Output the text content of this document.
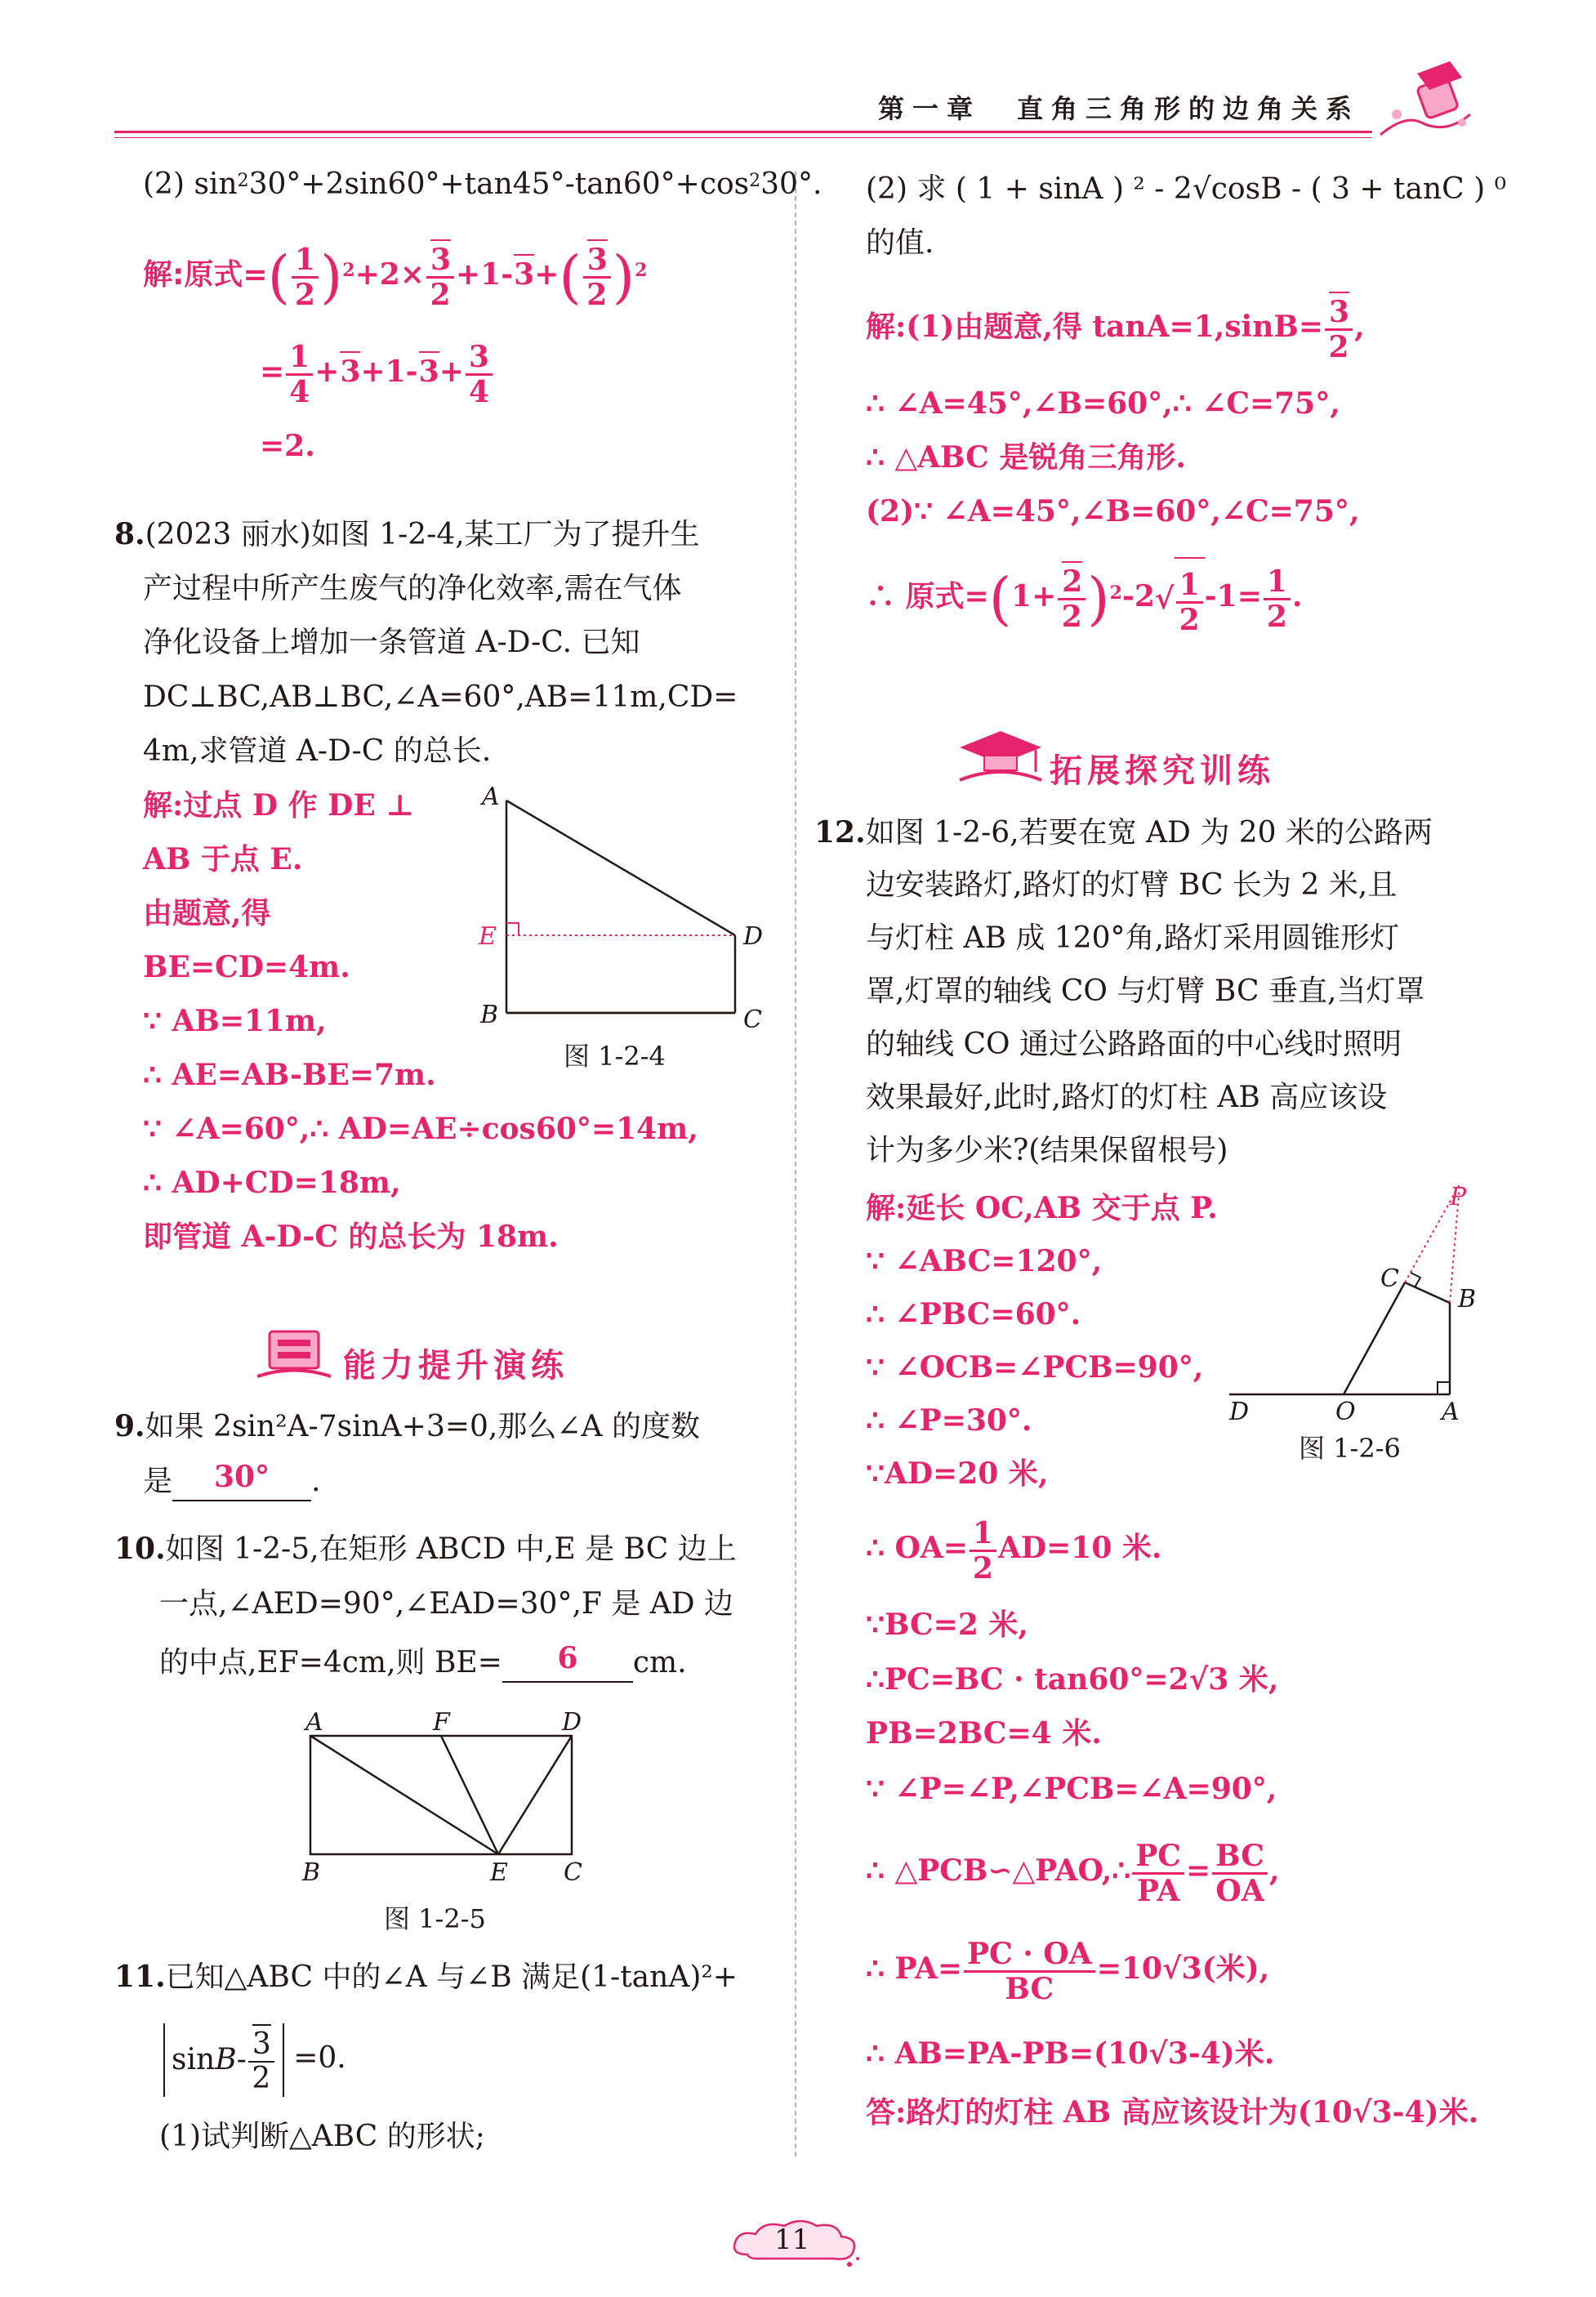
第一章 直角三角形的边角关系
(2) $\sin^230^\circ+2\sin 60^\circ+\tan 45^\circ-\tan 60^\circ+\cos^230^\circ$.
解:原式=( $\frac{1}{2} )^2+2\times \frac{3}{2} +1-3+( \frac{3}{2} )^2$
= $\frac{1}{4} +3+1-3+ \frac{3}{4}$
=2.
8.(2023 丽水)如图 1-2-4,某工厂为了提升生
产过程中所产生废气的净化效率,需在气体
净化设备上增加一条管道 A-D-C. 已知
DC⊥BC,AB⊥BC,∠A=60°,AB=11m,CD=
4m,求管道 A-D-C 的总长.
解:过点 D 作 DE ⊥
AB 于点 E.
由题意,得
BE=CD=4m.
∵ AB=11m,
∴ AE=AB-BE=7m.
∵ ∠A=60°,∴ AD=AE÷cos60°=14m,
∴ AD+CD=18m,
即管道 A-D-C 的总长为 18m.
A
E	D
B	C
图 1-2-4
能力提升演练
9.如果 2sin²A-7sinA+3=0,那么∠A 的度数
是	30°	.
10.如图 1-2-5,在矩形 ABCD 中,E 是 BC 边上
一点,∠AED=90°,∠EAD=30°,F 是 AD 边
的中点,EF=4cm,则 BE=	6	cm.
A	F	D
B	E C
图 1-2-5
11.已知△ABC 中的∠A 与∠B 满足(1-tanA)²+
$\sin B- \frac{3}{2} =0$.
(1)试判断△ABC 的形状;
(2) 求 ( 1 + sinA ) ² - 2√cosB - ( 3 + tanC ) ⁰
的值.
解:(1)由题意,得 $\tan A=1,\sin B= \frac{3}{2}$ ,
∴ ∠A=45°,∠B=60°,∴ ∠C=75°,
∴ △ABC 是锐角三角形.
(2)∵ ∠A=45°,∠B=60°,∠C=75°,
∴ 原式$=(1+ \frac{2}{2} )^2-2√ \frac{1}{2} -1= \frac{1}{2}$ .
拓展探究训练
12.如图 1-2-6,若要在宽 AD 为 20 米的公路两
边安装路灯,路灯的灯臂 BC 长为 2 米,且
与灯柱 AB 成 120°角,路灯采用圆锥形灯
罩,灯罩的轴线 CO 与灯臂 BC 垂直,当灯罩
的轴线 CO 通过公路路面的中心线时照明
效果最好,此时,路灯的灯柱 AB 高应该设
计为多少米?(结果保留根号)
解:延长 OC,AB 交于点 P.
∵ ∠ABC=120°,
∴ ∠PBC=60°.
∵ ∠OCB=∠PCB=90°,
∴ ∠P=30°.
∵AD=20 米,
∴ $OA= \frac{1}{2} AD=10$ 米.
∵BC=2 米,
∴PC=BC · tan60°=2√3 米,
PB=2BC=4 米.
∵ ∠P=∠P,∠PCB=∠A=90°,
∴ △PCB∽△PAO,∴ $\frac{PC}{PA} = \frac{BC}{OA}$ ,
∴ $PA= \frac{PC \cdot OA}{BC} =10√3$(米),
∴ AB=PA-PB=(10√3-4)米.
答:路灯的灯柱 AB 高应该设计为(10√3-4)米.
P
C
B
D	O	A
图 1-2-6
11
